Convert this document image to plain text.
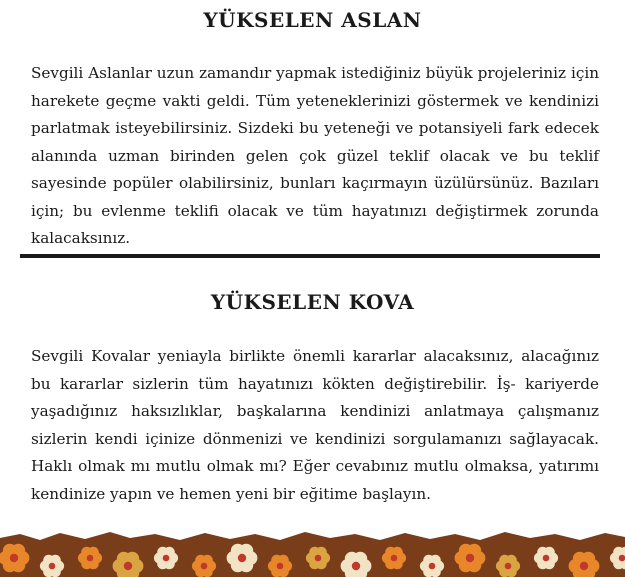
YÜKSELEN ASLAN
Sevgili Aslanlar uzun zamandır yapmak istediğiniz büyük projeleriniz için harekete geçme vakti geldi. Tüm yeteneklerinizi göstermek ve kendinizi parlatmak isteyebilirsiniz. Sizdeki bu yeteneği ve potansiyeli fark edecek alanında uzman birinden gelen çok güzel teklif olacak ve bu teklif sayesinde popüler olabilirsiniz, bunları kaçırmayın üzülürsünüz. Bazıları için; bu evlenme teklifi olacak ve tüm hayatınızı değiştirmek zorunda kalacaksınız.
YÜKSELEN KOVA
Sevgili Kovalar yeniayla birlikte önemli kararlar alacaksınız, alacağınız bu kararlar sizlerin tüm hayatınızı kökten değiştirebilir. İş- kariyerde yaşadığınız haksızlıklar, başkalarına kendinizi anlatmaya çalışmanız sizlerin kendi içinize dönmenizi ve kendinizi sorgulamanızı sağlayacak. Haklı olmak mı mutlu olmak mı? Eğer cevabınız mutlu olmaksa, yatırımı kendinize yapın ve hemen yeni bir eğitime başlayın.
